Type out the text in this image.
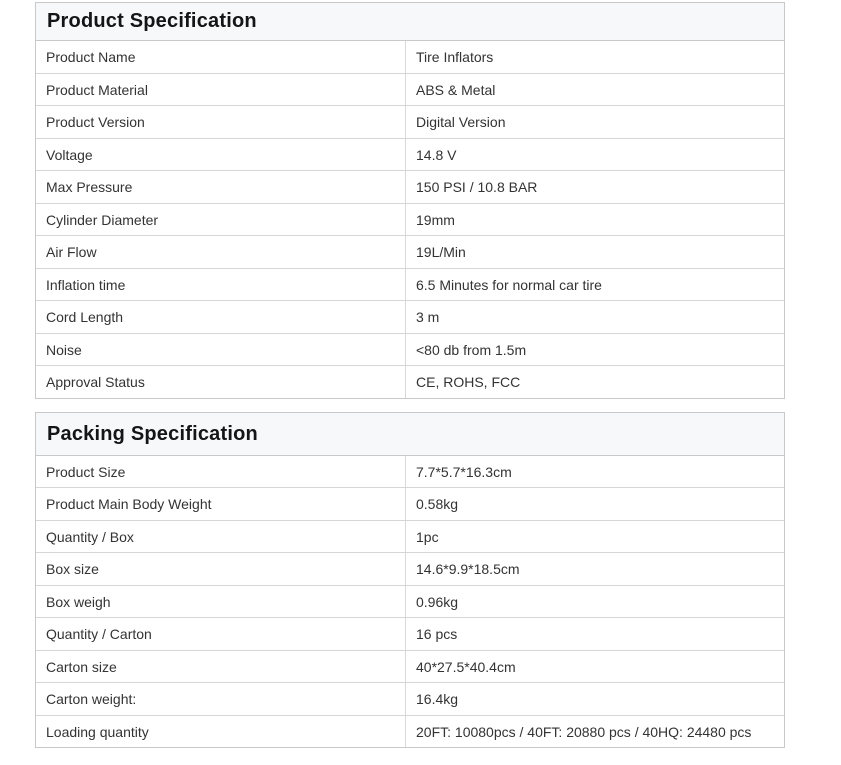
Product Specification
Product Name	Tire Inflators
Product Material	ABS & Metal
Product Version	Digital Version
Voltage	14.8 V
Max Pressure	150 PSI / 10.8 BAR
Cylinder Diameter	19mm
Air Flow	19L/Min
Inflation time	6.5 Minutes for normal car tire
Cord Length	3 m
Noise	<80 db from 1.5m
Approval Status	CE, ROHS, FCC
Packing Specification
Product Size	7.7*5.7*16.3cm
Product Main Body Weight	0.58kg
Quantity / Box	1pc
Box size	14.6*9.9*18.5cm
Box weigh	0.96kg
Quantity / Carton	16 pcs
Carton size	40*27.5*40.4cm
Carton weight:	16.4kg
Loading quantity	20FT: 10080pcs / 40FT: 20880 pcs / 40HQ: 24480 pcs
